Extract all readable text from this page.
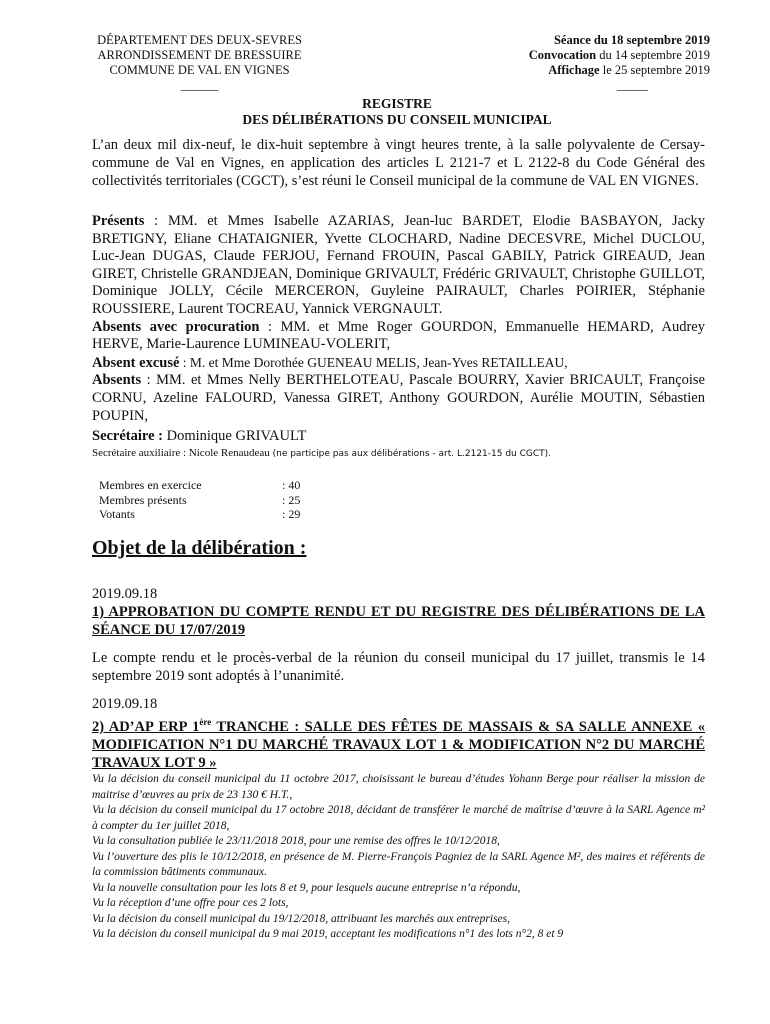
DÉPARTEMENT DES DEUX-SEVRES
ARRONDISSEMENT DE BRESSUIRE
COMMUNE DE VAL EN VIGNES
______
Séance du 18 septembre 2019
Convocation du 14 septembre 2019
Affichage le 25 septembre 2019
_____
REGISTRE
DES DÉLIBÉRATIONS DU CONSEIL MUNICIPAL
L’an deux mil dix-neuf, le dix-huit septembre à vingt heures trente, à la salle polyvalente de Cersay-commune de Val en Vignes, en application des articles L 2121-7 et L 2122-8 du Code Général des collectivités territoriales (CGCT), s’est réuni le Conseil municipal de la commune de VAL EN VIGNES.
Présents : MM. et Mmes Isabelle AZARIAS, Jean-luc BARDET, Elodie BASBAYON, Jacky BRETIGNY, Eliane CHATAIGNIER, Yvette CLOCHARD, Nadine DECESVRE, Michel DUCLOU, Luc-Jean DUGAS, Claude FERJOU, Fernand FROUIN, Pascal GABILY, Patrick GIREAUD, Jean GIRET, Christelle GRANDJEAN, Dominique GRIVAULT, Frédéric GRIVAULT, Christophe GUILLOT, Dominique JOLLY, Cécile MERCERON, Guyleine PAIRAULT, Charles POIRIER, Stéphanie ROUSSIERE, Laurent TOCREAU, Yannick VERGNAULT.
Absents avec procuration : MM. et Mme Roger GOURDON, Emmanuelle HEMARD, Audrey HERVE, Marie-Laurence LUMINEAU-VOLERIT,
Absent excusé : M. et Mme Dorothée GUENEAU MELIS, Jean-Yves RETAILLEAU,
Absents : MM. et Mmes Nelly BERTHELOTEAU, Pascale BOURRY, Xavier BRICAULT, Françoise CORNU, Azeline FALOURD, Vanessa GIRET, Anthony GOURDON, Aurélie MOUTIN, Sébastien POUPIN,
Secrétaire : Dominique GRIVAULT
Secrétaire auxiliaire : Nicole Renaudeau (ne participe pas aux délibérations - art. L.2121-15 du CGCT).
Membres en exercice	: 40
Membres présents	: 25
Votants	: 29
Objet de la délibération :
2019.09.18
1) APPROBATION DU COMPTE RENDU ET DU REGISTRE DES DÉLIBÉRATIONS DE LA SÉANCE DU 17/07/2019
Le compte rendu et le procès-verbal de la réunion du conseil municipal du 17 juillet, transmis le 14 septembre 2019 sont adoptés à l’unanimité.
2019.09.18
2) AD’AP ERP 1ère TRANCHE : SALLE DES FÊTES DE MASSAIS & SA SALLE ANNEXE « MODIFICATION N°1 DU MARCHÉ TRAVAUX LOT 1 & MODIFICATION N°2 DU MARCHÉ TRAVAUX LOT 9 »
Vu la décision du conseil municipal du 11 octobre 2017, choisissant le bureau d’études Yohann Berge pour réaliser la mission de maitrise d’œuvres au prix de 23 130 € H.T.,
Vu la décision du conseil municipal du 17 octobre 2018, décidant de transférer le marché de maîtrise d’œuvre à la SARL Agence m² à compter du 1er juillet 2018,
Vu la consultation publiée le 23/11/2018 2018, pour une remise des offres le 10/12/2018,
Vu l’ouverture des plis le 10/12/2018, en présence de M. Pierre-François Pagniez de la SARL Agence M², des maires et référents de la commission bâtiments communaux.
Vu la nouvelle consultation pour les lots 8 et 9, pour lesquels aucune entreprise n’a répondu,
Vu la réception d’une offre pour ces 2 lots,
Vu la décision du conseil municipal du 19/12/2018, attribuant les marchés aux entreprises,
Vu la décision du conseil municipal du 9 mai 2019, acceptant les modifications n°1 des lots n°2, 8 et 9
